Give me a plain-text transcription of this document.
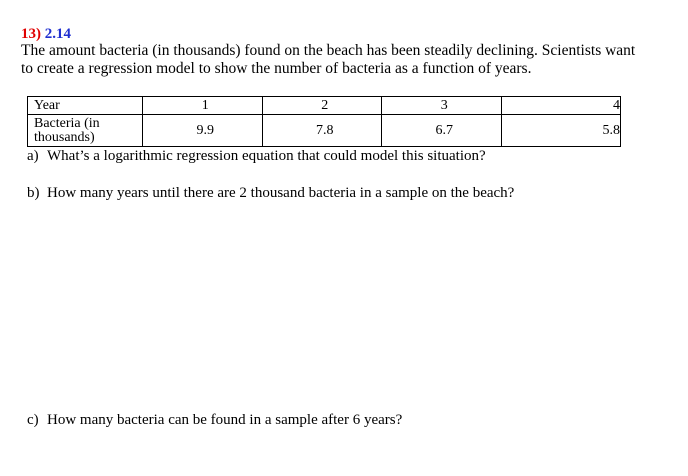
13) 2.14

The amount bacteria (in thousands) found on the beach has been steadily declining. Scientists want
to create a regression model to show the number of bacteria as a function of years.

Year	1	2	3	4

Bacteria (in
thousands)	9.9	7.8	6.7	5.8
a) What’s a logarithmic regression equation that could model this situation?
b) How many years until there are 2 thousand bacteria in a sample on the beach?
c) How many bacteria can be found in a sample after 6 years?
